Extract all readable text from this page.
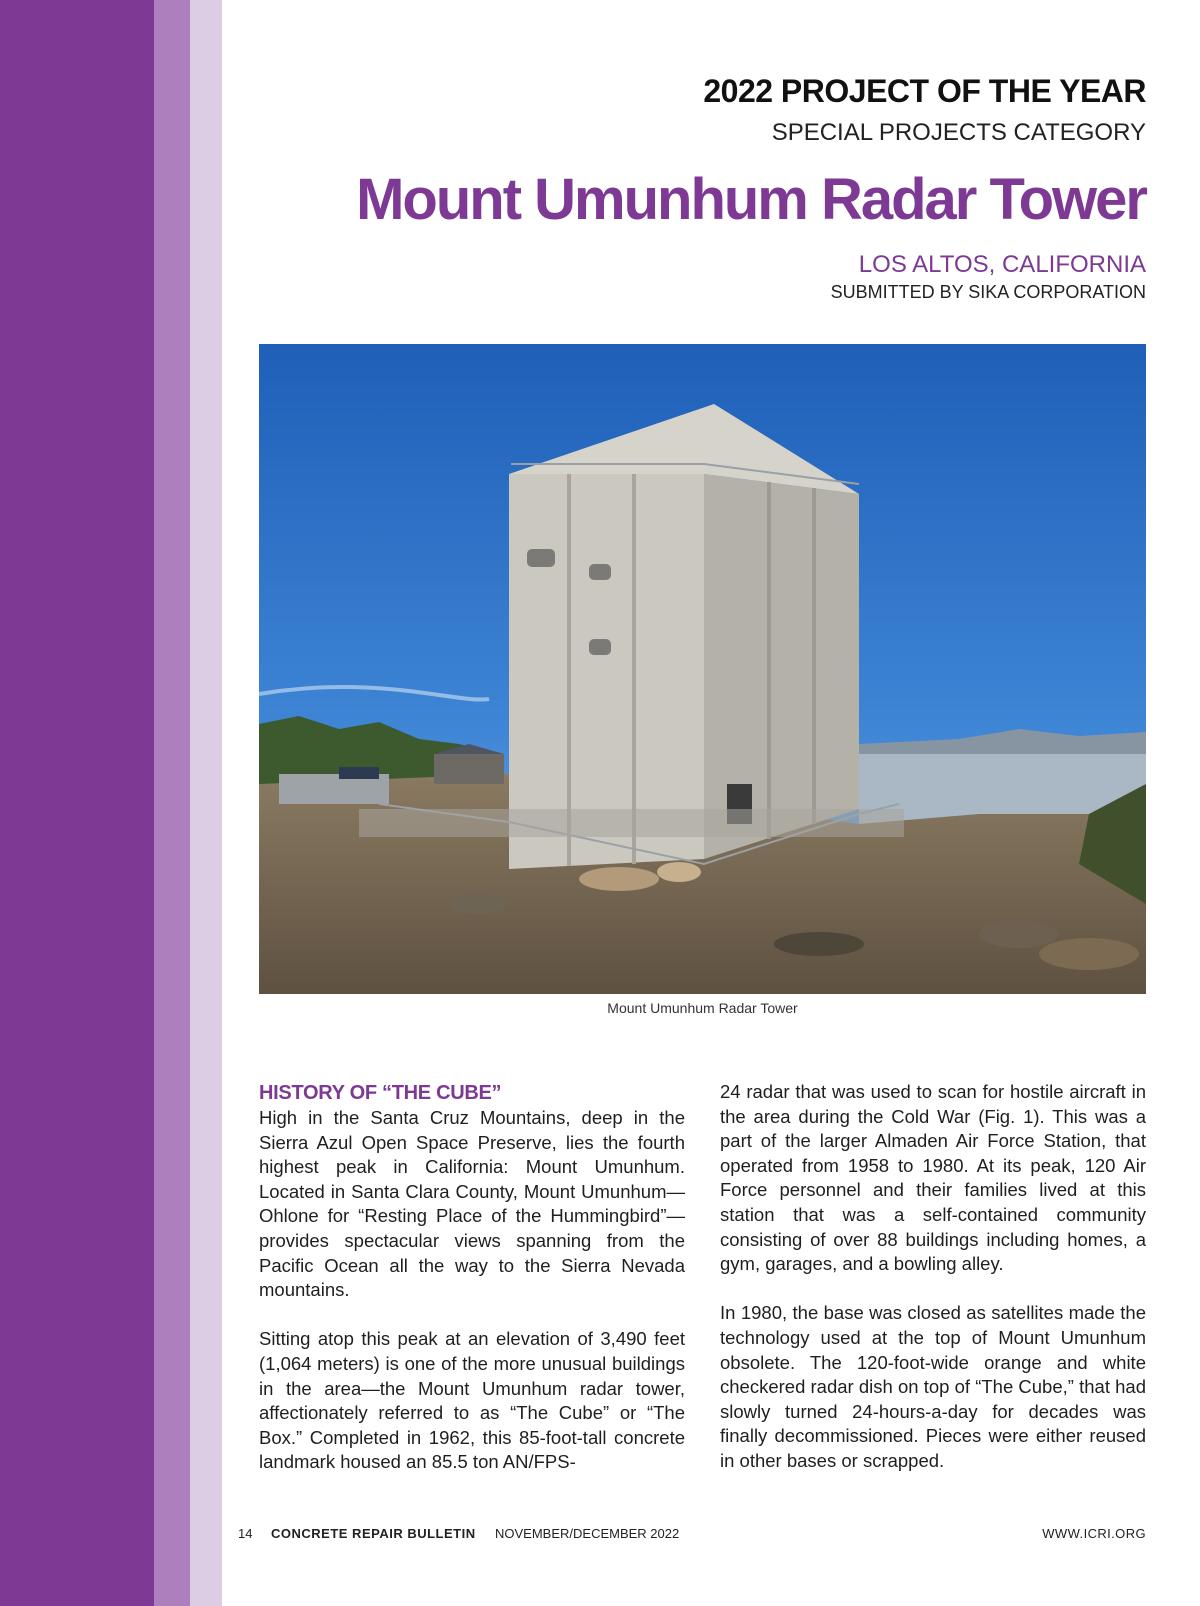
2022 PROJECT OF THE YEAR
SPECIAL PROJECTS CATEGORY
Mount Umunhum Radar Tower
LOS ALTOS, CALIFORNIA
SUBMITTED BY SIKA CORPORATION
Mount Umunhum Radar Tower
HISTORY OF “THE CUBE”

High in the Santa Cruz Mountains, deep in the Sierra Azul Open Space Preserve, lies the fourth highest peak in California: Mount Umunhum. Located in Santa Clara County, Mount Umunhum—Ohlone for “Resting Place of the Hummingbird”—provides spectacular views spanning from the Pacific Ocean all the way to the Sierra Nevada mountains.

Sitting atop this peak at an elevation of 3,490 feet (1,064 meters) is one of the more unusual buildings in the area—the Mount Umunhum radar tower, affectionately referred to as “The Cube” or “The Box.” Completed in 1962, this 85-foot-tall concrete landmark housed an 85.5 ton AN/FPS-

24 radar that was used to scan for hostile aircraft in the area during the Cold War (Fig. 1). This was a part of the larger Almaden Air Force Station, that operated from 1958 to 1980. At its peak, 120 Air Force personnel and their families lived at this station that was a self-contained community consisting of over 88 buildings including homes, a gym, garages, and a bowling alley.

In 1980, the base was closed as satellites made the technology used at the top of Mount Umunhum obsolete. The 120-foot-wide orange and white checkered radar dish on top of “The Cube,” that had slowly turned 24-hours-a-day for decades was finally decommissioned. Pieces were either reused in other bases or scrapped.

14 CONCRETE REPAIR BULLETIN NOVEMBER/DECEMBER 2022	WWW.ICRI.ORG
